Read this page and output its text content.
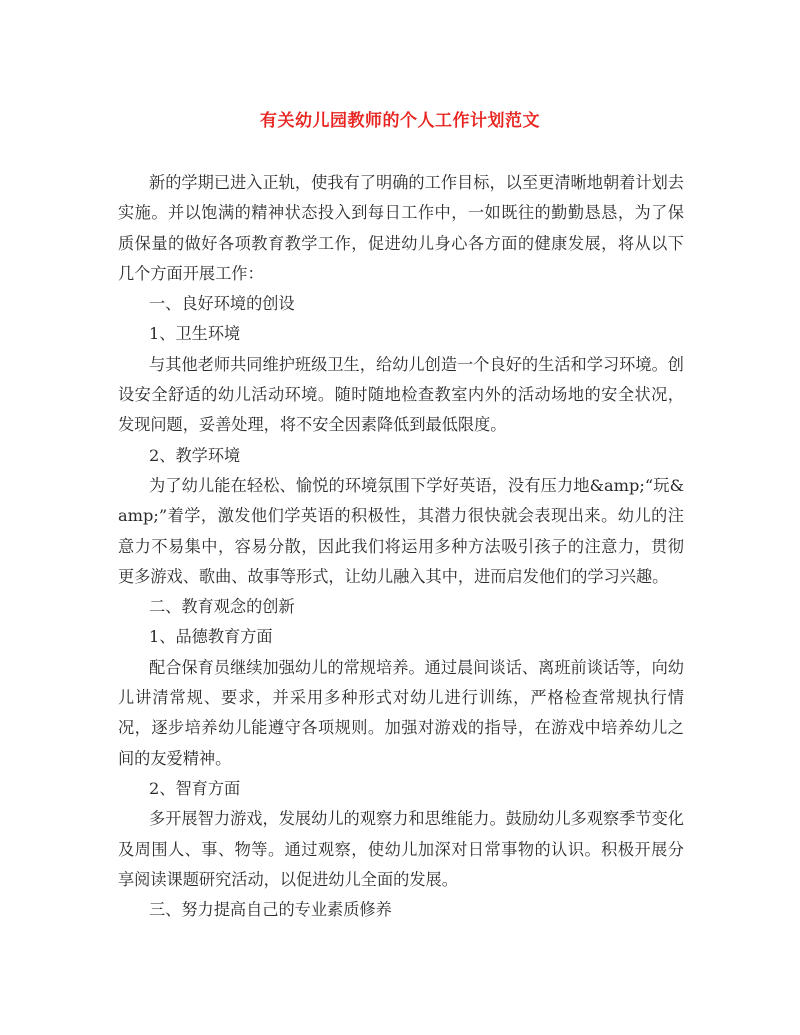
有关幼儿园教师的个人工作计划范文

新的学期已进入正轨，使我有了明确的工作目标，以至更清晰地朝着计划去实施。并以饱满的精神状态投入到每日工作中，一如既往的勤勤恳恳，为了保质保量的做好各项教育教学工作，促进幼儿身心各方面的健康发展，将从以下几个方面开展工作：

一、良好环境的创设

1、卫生环境

与其他老师共同维护班级卫生，给幼儿创造一个良好的生活和学习环境。创设安全舒适的幼儿活动环境。随时随地检查教室内外的活动场地的安全状况，发现问题，妥善处理，将不安全因素降低到最低限度。

2、教学环境

为了幼儿能在轻松、愉悦的环境氛围下学好英语，没有压力地&amp;“玩&amp;”着学，激发他们学英语的积极性，其潜力很快就会表现出来。幼儿的注意力不易集中，容易分散，因此我们将运用多种方法吸引孩子的注意力，贯彻更多游戏、歌曲、故事等形式，让幼儿融入其中，进而启发他们的学习兴趣。

二、教育观念的创新

1、品德教育方面

配合保育员继续加强幼儿的常规培养。通过晨间谈话、离班前谈话等，向幼儿讲清常规、要求，并采用多种形式对幼儿进行训练，严格检查常规执行情况，逐步培养幼儿能遵守各项规则。加强对游戏的指导，在游戏中培养幼儿之间的友爱精神。

2、智育方面

多开展智力游戏，发展幼儿的观察力和思维能力。鼓励幼儿多观察季节变化及周围人、事、物等。通过观察，使幼儿加深对日常事物的认识。积极开展分享阅读课题研究活动，以促进幼儿全面的发展。

三、努力提高自己的专业素质修养
